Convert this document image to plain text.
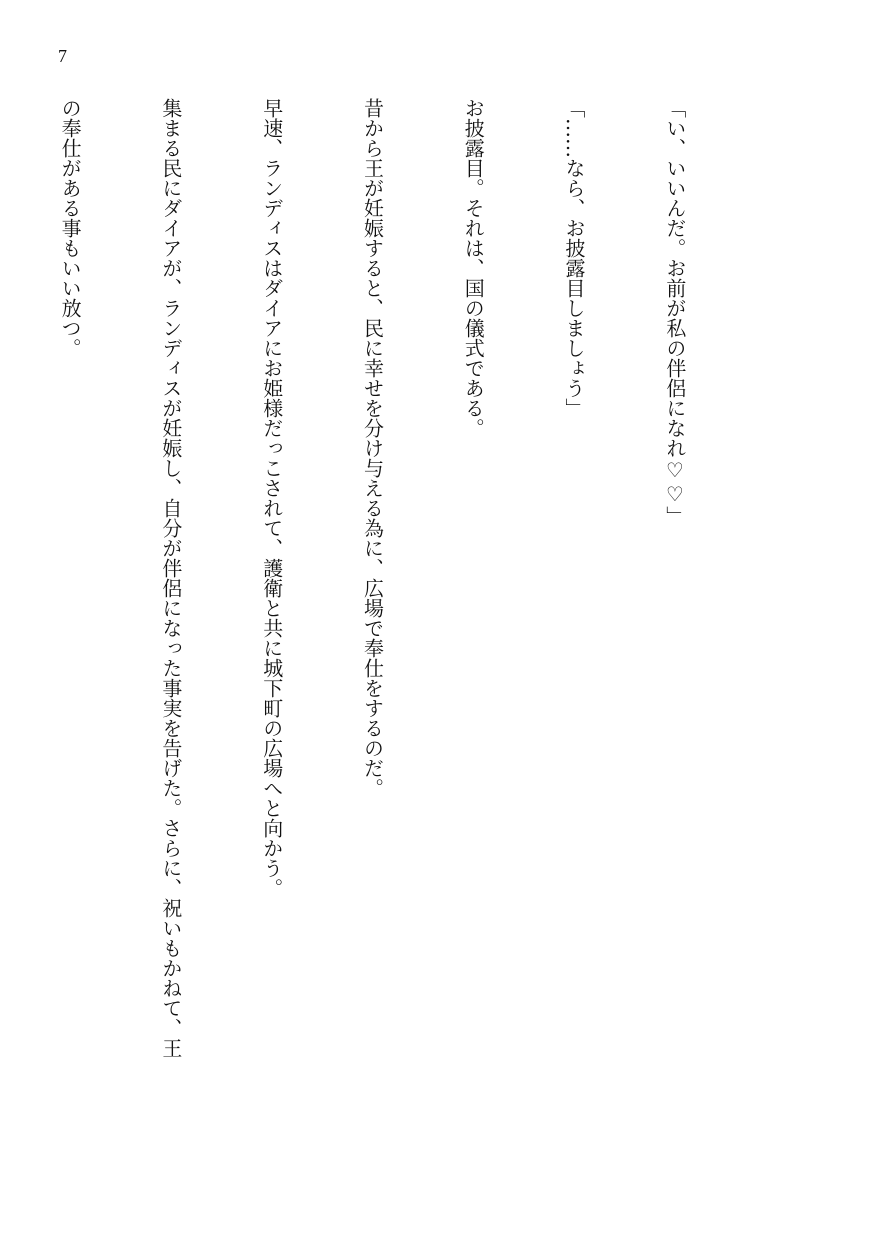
7

「い、いいんだ。お前が私の伴侶になれ♡♡」

「……なら、お披露目しましょう」

お披露目。それは、国の儀式である。

昔から王が妊娠すると、民に幸せを分け与える為に、広場で奉仕をするのだ。

早速、ランディスはダイアにお姫様だっこされて、護衛と共に城下町の広場へと向かう。

集まる民にダイアが、ランディスが妊娠し、自分が伴侶になった事実を告げた。さらに、祝いもかねて、王

の奉仕がある事もいい放つ。
